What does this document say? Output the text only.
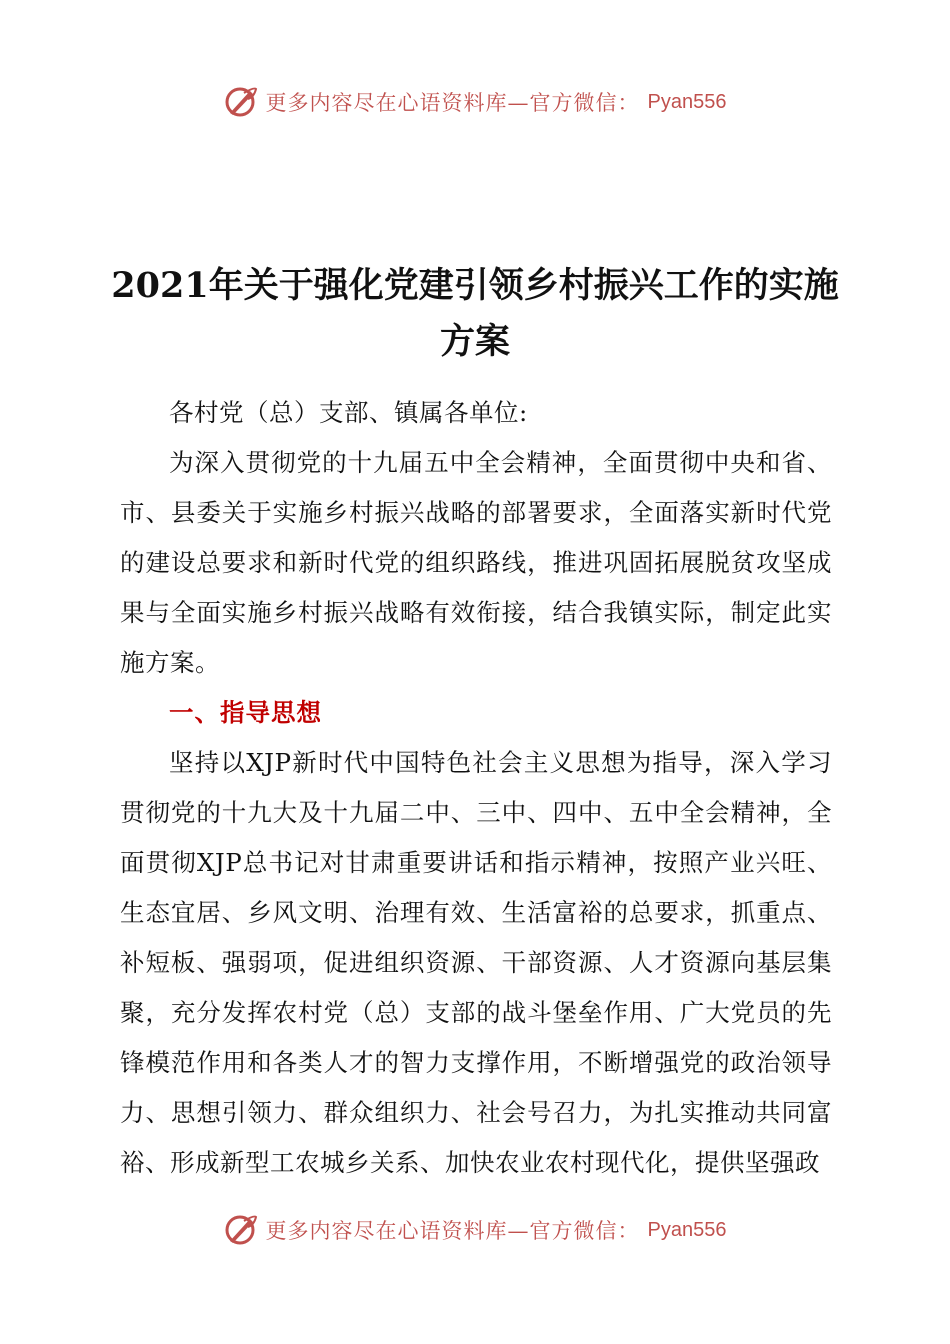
更多内容尽在心语资料库—官方微信： Pyan556
2021年关于强化党建引领乡村振兴工作的实施方案

各村党（总）支部、镇属各单位:

为深入贯彻党的十九届五中全会精神，全面贯彻中央和省、市、县委关于实施乡村振兴战略的部署要求，全面落实新时代党的建设总要求和新时代党的组织路线，推进巩固拓展脱贫攻坚成果与全面实施乡村振兴战略有效衔接，结合我镇实际，制定此实施方案。

一、指导思想

坚持以XJP新时代中国特色社会主义思想为指导，深入学习贯彻党的十九大及十九届二中、三中、四中、五中全会精神，全面贯彻XJP总书记对甘肃重要讲话和指示精神，按照产业兴旺、生态宜居、乡风文明、治理有效、生活富裕的总要求，抓重点、补短板、强弱项，促进组织资源、干部资源、人才资源向基层集聚，充分发挥农村党（总）支部的战斗堡垒作用、广大党员的先锋模范作用和各类人才的智力支撑作用，不断增强党的政治领导力、思想引领力、群众组织力、社会号召力，为扎实推动共同富裕、形成新型工农城乡关系、加快农业农村现代化，提供坚强政

更多内容尽在心语资料库—官方微信： Pyan556
